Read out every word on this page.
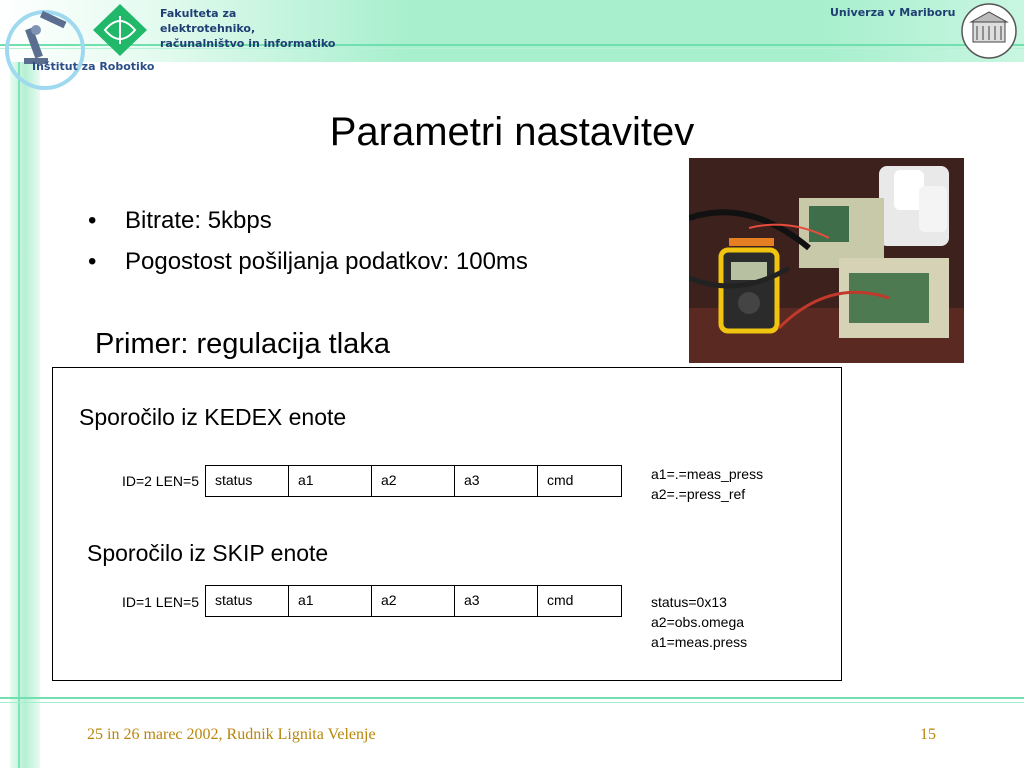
Inštitut za Robotiko
Fakulteta za
elektrotehniko,
računalništvo in informatiko
Univerza v Mariboru
Parametri nastavitev
• Bitrate: 5kbps
• Pogostost pošiljanja podatkov: 100ms
Primer: regulacija tlaka
Sporočilo iz KEDEX enote
ID=2 LEN=5	status	a1	a2	a3	cmd	a1=.=meas_press
a2=.=press_ref
Sporočilo iz SKIP enote
ID=1 LEN=5	status	a1	a2	a3	cmd	status=0x13
a2=obs.omega
a1=meas.press
25 in 26 marec 2002, Rudnik Lignita Velenje	15
